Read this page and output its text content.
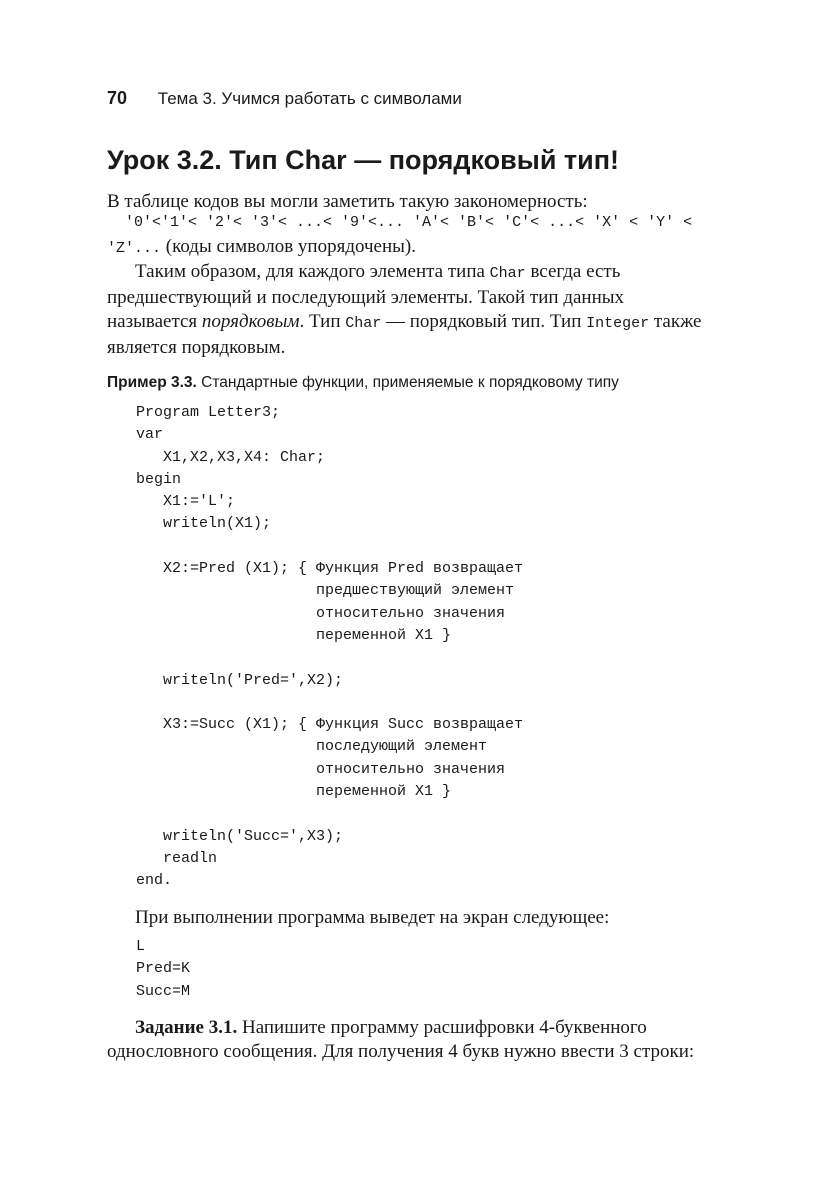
70 Тема 3. Учимся работать с символами
Урок 3.2. Тип Char — порядковый тип!

В таблице кодов вы могли заметить такую закономерность:

'0'<'1'< '2'< '3'< ...< '9'<... 'A'< 'B'< 'C'< ...< 'X' < 'Y' <
'Z'... (коды символов упорядочены).

Таким образом, для каждого элемента типа Char всегда есть предшествующий и последующий элементы. Такой тип данных называется порядковым. Тип Char — порядковый тип. Тип Integer также является порядковым.

Пример 3.3. Стандартные функции, применяемые к порядковому типу
Program Letter3;
var
X1,X2,X3,X4: Char;
begin
X1:='L';
writeln(X1);

X2:=Pred (X1); { Функция Pred возвращает
предшествующий элемент
относительно значения
переменной X1 }

writeln('Pred=',X2);

X3:=Succ (X1); { Функция Succ возвращает
последующий элемент
относительно значения
переменной X1 }

writeln('Succ=',X3);
readln
end.

При выполнении программа выведет на экран следующее:

L
Pred=K
Succ=M

Задание 3.1. Напишите программу расшифровки 4-буквенного однословного сообщения. Для получения 4 букв нужно ввести 3 строки:
